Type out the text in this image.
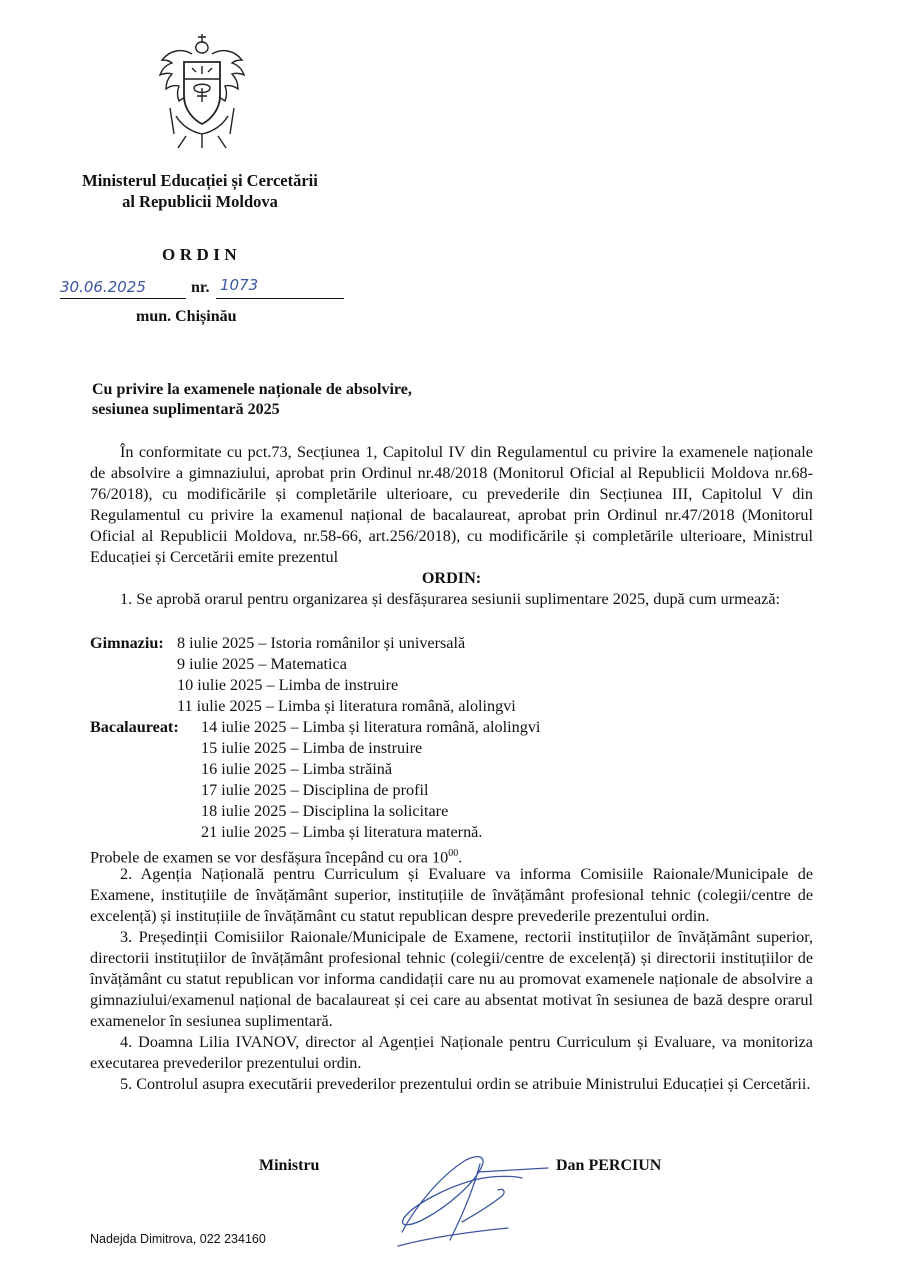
Ministerul Educației și Cercetării
al Republicii Moldova
ORDIN
30.06.2025	nr. 1073
mun. Chișinău
Cu privire la examenele naționale de absolvire,
sesiunea suplimentară 2025

În conformitate cu pct.73, Secțiunea 1, Capitolul IV din Regulamentul cu privire la examenele naționale de absolvire a gimnaziului, aprobat prin Ordinul nr.48/2018 (Monitorul Oficial al Republicii Moldova nr.68-76/2018), cu modificările și completările ulterioare, cu prevederile din Secțiunea III, Capitolul V din Regulamentul cu privire la examenul național de bacalaureat, aprobat prin Ordinul nr.47/2018 (Monitorul Oficial al Republicii Moldova, nr.58-66, art.256/2018), cu modificările și completările ulterioare, Ministrul Educației și Cercetării emite prezentul

ORDIN:

1. Se aprobă orarul pentru organizarea și desfășurarea sesiunii suplimentare 2025, după cum urmează:

Gimnaziu: 8 iulie 2025 – Istoria românilor și universală
9 iulie 2025 – Matematica
10 iulie 2025 – Limba de instruire
11 iulie 2025 – Limba și literatura română, alolingvi
Bacalaureat: 14 iulie 2025 – Limba și literatura română, alolingvi
15 iulie 2025 – Limba de instruire
16 iulie 2025 – Limba străină
17 iulie 2025 – Disciplina de profil
18 iulie 2025 – Disciplina la solicitare
21 iulie 2025 – Limba și literatura maternă.
Probele de examen se vor desfășura începând cu ora $10^{00}$.

2. Agenția Națională pentru Curriculum și Evaluare va informa Comisiile Raionale/Municipale de Examene, instituțiile de învățământ superior, instituțiile de învățământ profesional tehnic (colegii/centre de excelență) și instituțiile de învățământ cu statut republican despre prevederile prezentului ordin.

3. Președinții Comisiilor Raionale/Municipale de Examene, rectorii instituțiilor de învățământ superior, directorii instituțiilor de învățământ profesional tehnic (colegii/centre de excelență) și directorii instituțiilor de învățământ cu statut republican vor informa candidații care nu au promovat examenele naționale de absolvire a gimnaziului/examenul național de bacalaureat și cei care au absentat motivat în sesiunea de bază despre orarul examenelor în sesiunea suplimentară.

4. Doamna Lilia IVANOV, director al Agenției Naționale pentru Curriculum și Evaluare, va monitoriza executarea prevederilor prezentului ordin.

5. Controlul asupra executării prevederilor prezentului ordin se atribuie Ministrului Educației și Cercetării.

Ministru	Dan PERCIUN
Nadejda Dimitrova, 022 234160
